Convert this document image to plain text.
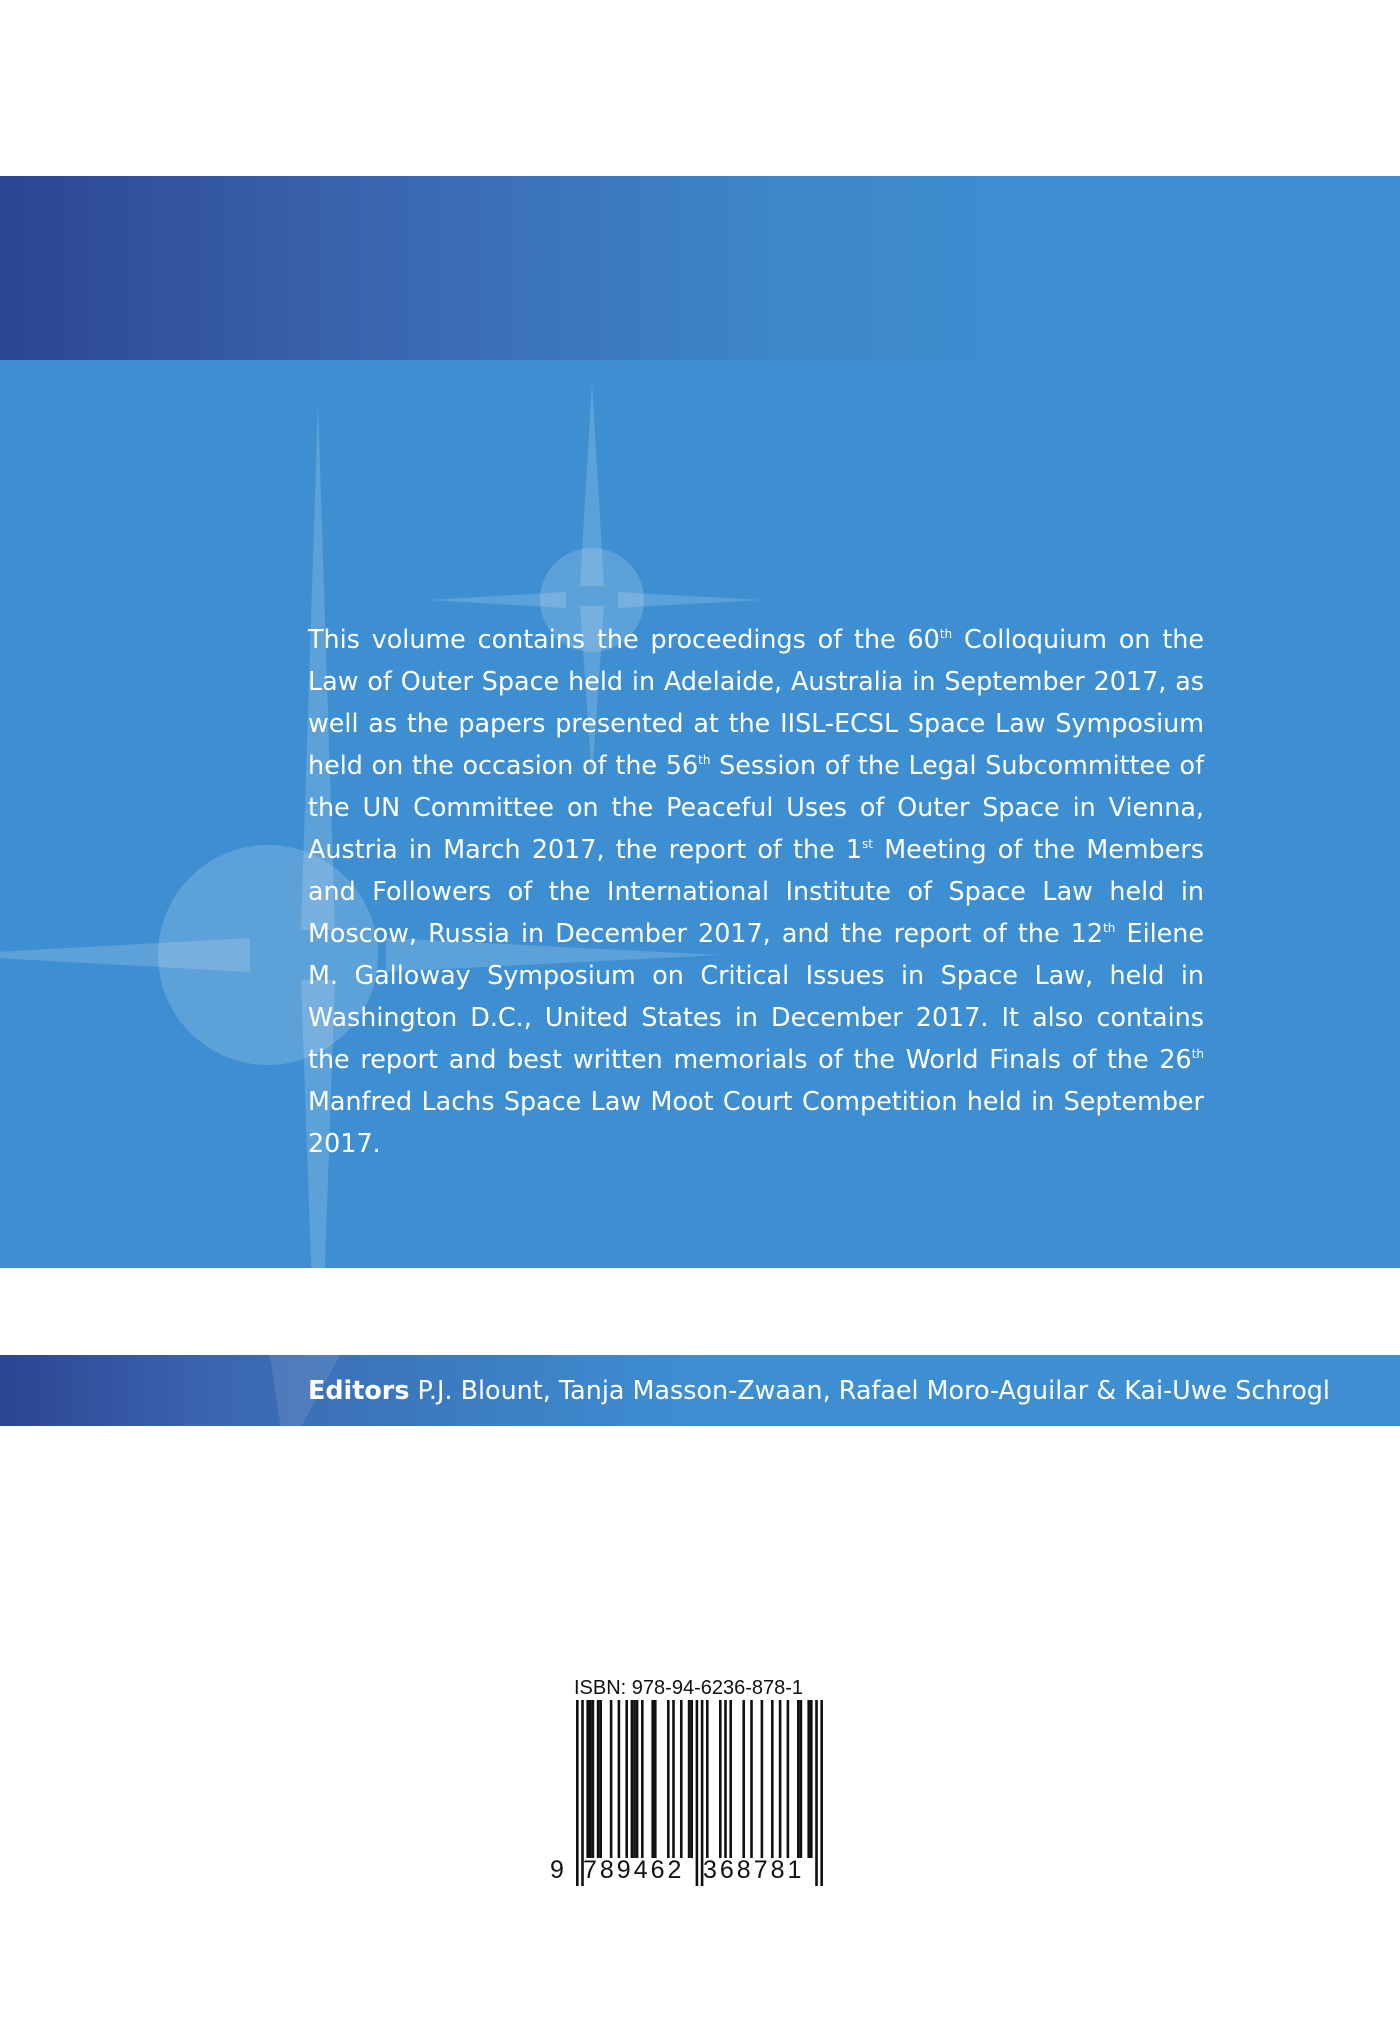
This volume contains the proceedings of the 60th Colloquium on the Law of Outer Space held in Adelaide, Australia in September 2017, as well as the papers presented at the IISL-ECSL Space Law Symposium held on the occasion of the 56th Session of the Legal Subcommittee of the UN Committee on the Peaceful Uses of Outer Space in Vienna, Austria in March 2017, the report of the 1st Meeting of the Members and Followers of the International Institute of Space Law held in Moscow, Russia in December 2017, and the report of the 12th Eilene M. Galloway Symposium on Critical Issues in Space Law, held in Washington D.C., United States in December 2017. It also contains the report and best written memorials of the World Finals of the 26th Manfred Lachs Space Law Moot Court Competition held in September 2017.

Editors P.J. Blount, Tanja Masson-Zwaan, Rafael Moro-Aguilar & Kai-Uwe Schrogl

ISBN: 978-94-6236-878-1

9 789462 368781
